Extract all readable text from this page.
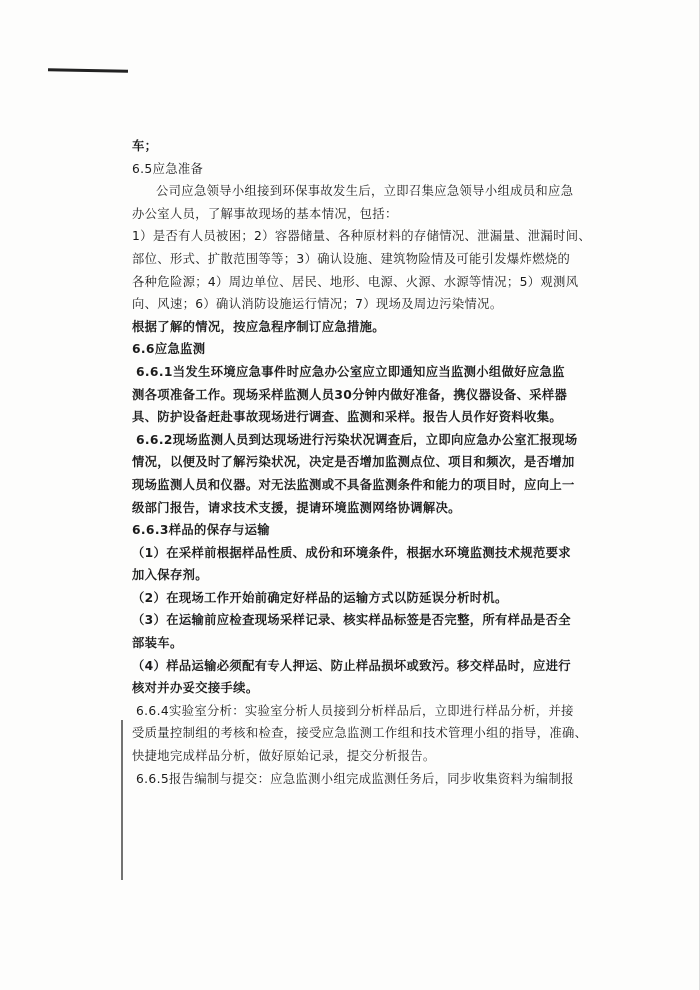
车；
6.5应急准备
公司应急领导小组接到环保事故发生后，立即召集应急领导小组成员和应急
办公室人员，了解事故现场的基本情况，包括：
1）是否有人员被困；2）容器储量、各种原材料的存储情况、泄漏量、泄漏时间、
部位、形式、扩散范围等等；3）确认设施、建筑物险情及可能引发爆炸燃烧的
各种危险源；4）周边单位、居民、地形、电源、火源、水源等情况；5）观测风
向、风速；6）确认消防设施运行情况；7）现场及周边污染情况。
根据了解的情况，按应急程序制订应急措施。
6.6应急监测
6.6.1当发生环境应急事件时应急办公室应立即通知应当监测小组做好应急监
测各项准备工作。现场采样监测人员30分钟内做好准备，携仪器设备、采样器
具、防护设备赶赴事故现场进行调查、监测和采样。报告人员作好资料收集。
6.6.2现场监测人员到达现场进行污染状况调查后，立即向应急办公室汇报现场
情况，以便及时了解污染状况，决定是否增加监测点位、项目和频次，是否增加
现场监测人员和仪器。对无法监测或不具备监测条件和能力的项目时，应向上一
级部门报告，请求技术支援，提请环境监测网络协调解决。
6.6.3样品的保存与运输
（1）在采样前根据样品性质、成份和环境条件，根据水环境监测技术规范要求
加入保存剂。
（2）在现场工作开始前确定好样品的运输方式以防延误分析时机。
（3）在运输前应检查现场采样记录、核实样品标签是否完整，所有样品是否全
部装车。
（4）样品运输必须配有专人押运、防止样品损坏或致污。移交样品时，应进行
核对并办妥交接手续。
6.6.4实验室分析：实验室分析人员接到分析样品后，立即进行样品分析，并接
受质量控制组的考核和检查，接受应急监测工作组和技术管理小组的指导，准确、
快捷地完成样品分析，做好原始记录，提交分析报告。
6.6.5报告编制与提交：应急监测小组完成监测任务后，同步收集资料为编制报
